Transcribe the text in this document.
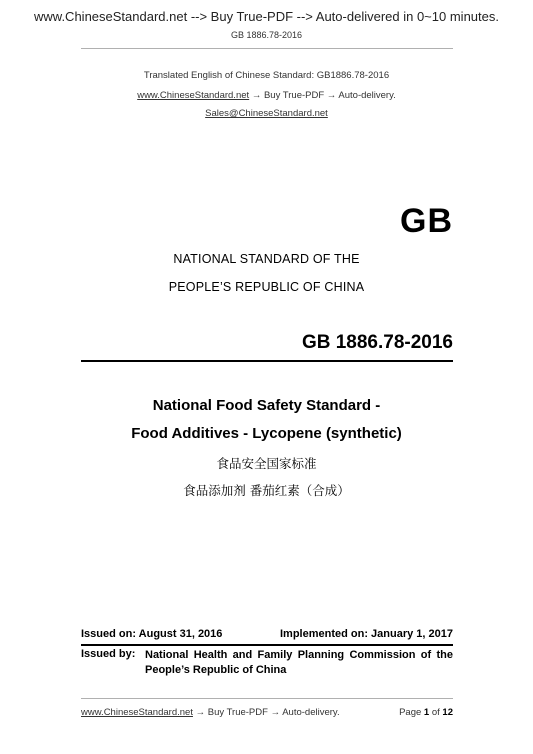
www.ChineseStandard.net --> Buy True-PDF --> Auto-delivered in 0~10 minutes.
GB 1886.78-2016
Translated English of Chinese Standard: GB1886.78-2016
www.ChineseStandard.net → Buy True-PDF → Auto-delivery.
Sales@ChineseStandard.net
GB
NATIONAL STANDARD OF THE
PEOPLE’S REPUBLIC OF CHINA
GB 1886.78-2016
National Food Safety Standard -
Food Additives - Lycopene (synthetic)
食品安全国家标准
食品添加剂 番茄红素（合成）
Issued on: August 31, 2016	Implemented on: January 1, 2017
Issued by: National Health and Family Planning Commission of the People’s Republic of China
www.ChineseStandard.net → Buy True-PDF → Auto-delivery.	Page 1 of 12
